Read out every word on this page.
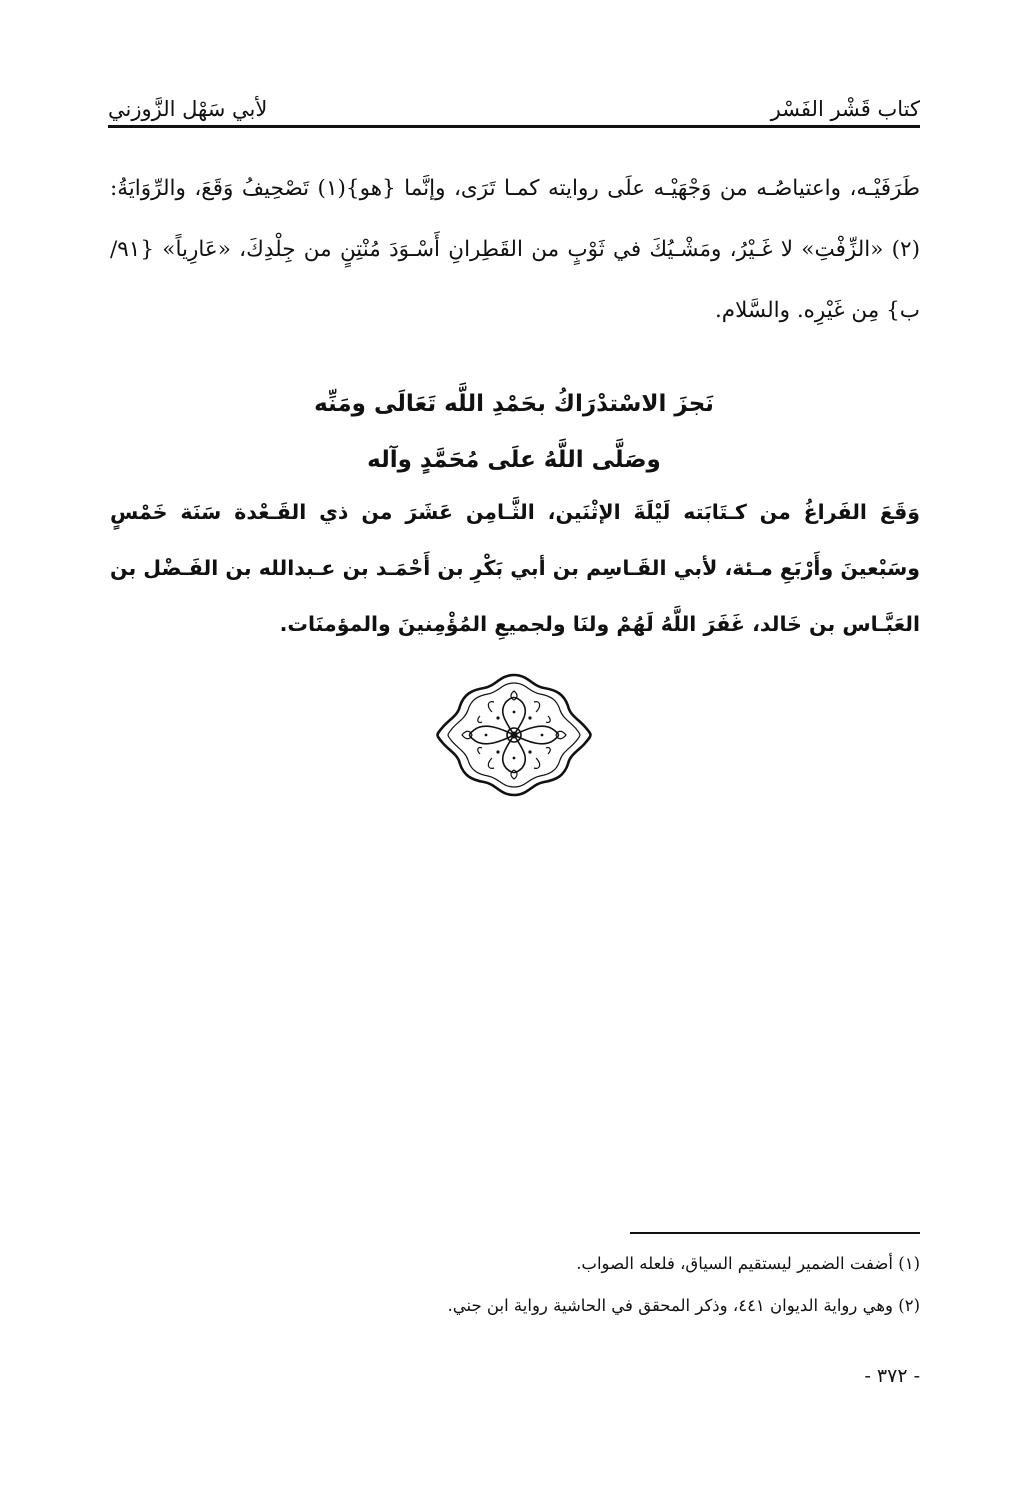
كتاب قَشْر الفَسْر
لأبي سَهْل الزَّوزني

طَرَفَيْـه، واعتياصُـه من وَجْهَيْـه علَى روايته كمـا تَرَى، وإنَّما {هو}(١) تَصْحِيفُ وَقَعَ، والرِّوَايَةُ:(٢) «الزِّفْتِ» لا غَـيْرُ، ومَشْـيُكَ في ثَوْبٍ من القَطِرانِ أَسْـوَدَ مُنْتِنٍ من جِلْدِكَ، «عَارِياً» {٩١/ ب} مِن غَيْرِه. والسَّلام.

نَجزَ الاسْتدْرَاكُ بحَمْدِ اللَّه تَعَالَى ومَنِّه
وصَلَّى اللَّهُ علَى مُحَمَّدٍ وآله

وَقَعَ الفَراغُ من كـتَابَته لَيْلَةَ الإثْنَين، الثَّـامِن عَشَرَ من ذي القَـعْدة سَنَة خَمْسٍ وسَبْعينَ وأَرْبَعِ مـئة، لأبي القَـاسِم بن أبي بَكْرِ بن أَحْمَـد بن عـبدالله بن الفَـضْل بن العَبَّـاس بن خَالد، غَفَرَ اللَّهُ لَهُمْ ولنَا ولجميعِ المُؤْمِنينَ والمؤمنَات.

(١) أضفت الضمير ليستقيم السياق، فلعله الصواب.

(٢) وهي رواية الديوان ٤٤١، وذكر المحقق في الحاشية رواية ابن جني.

- ٣٧٢ -
